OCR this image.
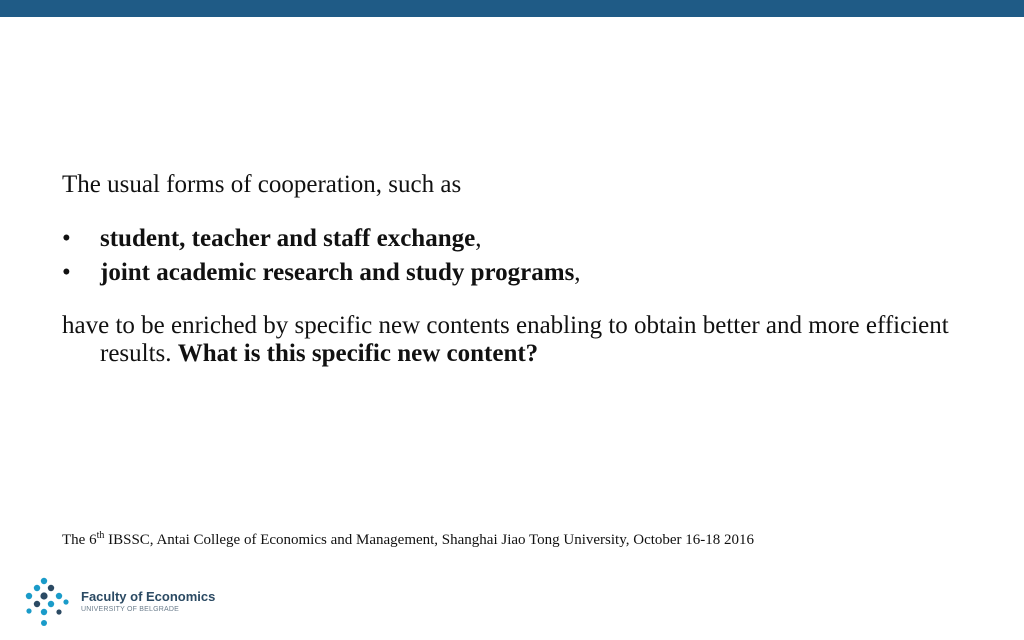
The usual forms of cooperation, such as

• student, teacher and staff exchange,
• joint academic research and study programs,

have to be enriched by specific new contents enabling to obtain better and more efficient results. What is this specific new content?

The 6th IBSSC, Antai College of Economics and Management, Shanghai Jiao Tong University, October 16-18 2016
Faculty of Economics
UNIVERSITY OF BELGRADE
